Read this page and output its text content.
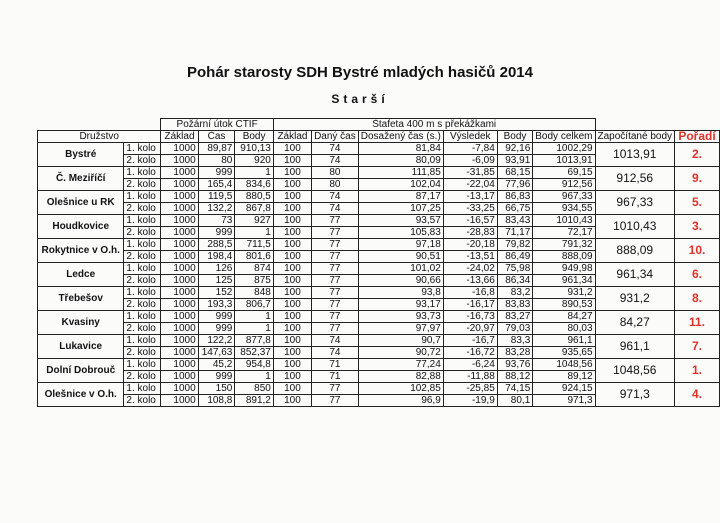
Pohár starosty SDH Bystré mladých hasičů 2014
Starší
		Požární útok CTIF			Štafeta 400 m s překážkami							
Družstvo		Základ	Čas	Body	Základ	Daný čas	Dosažený čas (s.)	Výsledek	Body	Body celkem	Započítané body	Pořadí
Bystré	1. kolo	1000	89,87	910,13	100	74	81,84	-7,84	92,16	1002,29	1013,91	2.
	2. kolo	1000	80	920	100	74	80,09	-6,09	93,91	1013,91		
Č. Meziříčí	1. kolo	1000	999	1	100	80	111,85	-31,85	68,15	69,15	912,56	9.
	2. kolo	1000	165,4	834,6	100	80	102,04	-22,04	77,96	912,56		
Olešnice u RK	1. kolo	1000	119,5	880,5	100	74	87,17	-13,17	86,83	967,33	967,33	5.
	2. kolo	1000	132,2	867,8	100	74	107,25	-33,25	66,75	934,55		
Houdkovice	1. kolo	1000	73	927	100	77	93,57	-16,57	83,43	1010,43	1010,43	3.
	2. kolo	1000	999	1	100	77	105,83	-28,83	71,17	72,17		
Rokytnice v O.h.	1. kolo	1000	288,5	711,5	100	77	97,18	-20,18	79,82	791,32	888,09	10.
	2. kolo	1000	198,4	801,6	100	77	90,51	-13,51	86,49	888,09		
Ledce	1. kolo	1000	126	874	100	77	101,02	-24,02	75,98	949,98	961,34	6.
	2. kolo	1000	125	875	100	77	90,66	-13,66	86,34	961,34		
Třebešov	1. kolo	1000	152	848	100	77	93,8	-16,8	83,2	931,2	931,2	8.
	2. kolo	1000	193,3	806,7	100	77	93,17	-16,17	83,83	890,53		
Kvasiny	1. kolo	1000	999	1	100	77	93,73	-16,73	83,27	84,27	84,27	11.
	2. kolo	1000	999	1	100	77	97,97	-20,97	79,03	80,03		
Lukavice	1. kolo	1000	122,2	877,8	100	74	90,7	-16,7	83,3	961,1	961,1	7.
	2. kolo	1000	147,63	852,37	100	74	90,72	-16,72	83,28	935,65		
Dolní Dobrouč	1. kolo	1000	45,2	954,8	100	71	77,24	-6,24	93,76	1048,56	1048,56	1.
	2. kolo	1000	999	1	100	71	82,88	-11,88	88,12	89,12		
Olešnice v O.h.	1. kolo	1000	150	850	100	77	102,85	-25,85	74,15	924,15	971,3	4.
	2. kolo	1000	108,8	891,2	100	77	96,9	-19,9	80,1	971,3		
